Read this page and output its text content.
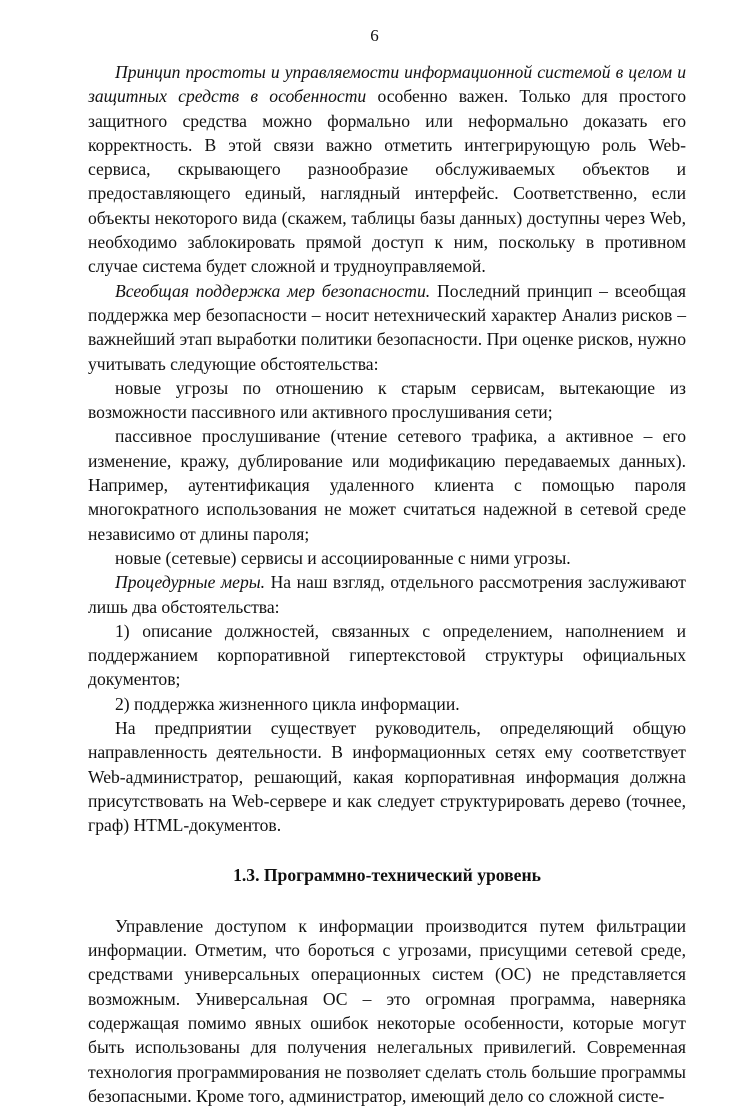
6

Принцип простоты и управляемости информационной системой в целом и защитных средств в особенности особенно важен. Только для простого защитного средства можно формально или неформально доказать его корректность. В этой связи важно отметить интегрирующую роль Web-сервиса, скрывающего разнообразие обслуживаемых объектов и предоставляющего единый, наглядный интерфейс. Соответственно, если объекты некоторого вида (скажем, таблицы базы данных) доступны через Web, необходимо заблокировать прямой доступ к ним, поскольку в противном случае система будет сложной и трудноуправляемой.

Всеобщая поддержка мер безопасности. Последний принцип – всеобщая поддержка мер безопасности – носит нетехнический характер Анализ рисков – важнейший этап выработки политики безопасности. При оценке рисков, нужно учитывать следующие обстоятельства:

новые угрозы по отношению к старым сервисам, вытекающие из возможности пассивного или активного прослушивания сети;

пассивное прослушивание (чтение сетевого трафика, а активное – его изменение, кражу, дублирование или модификацию передаваемых данных). Например, аутентификация удаленного клиента с помощью пароля многократного использования не может считаться надежной в сетевой среде независимо от длины пароля;

новые (сетевые) сервисы и ассоциированные с ними угрозы.

Процедурные меры. На наш взгляд, отдельного рассмотрения заслуживают лишь два обстоятельства:

1) описание должностей, связанных с определением, наполнением и поддержанием корпоративной гипертекстовой структуры официальных документов;

2) поддержка жизненного цикла информации.

На предприятии существует руководитель, определяющий общую направленность деятельности. В информационных сетях ему соответствует Web-администратор, решающий, какая корпоративная информация должна присутствовать на Web-сервере и как следует структурировать дерево (точнее, граф) HTML-документов.

1.3. Программно-технический уровень

Управление доступом к информации производится путем фильтрации информации. Отметим, что бороться с угрозами, присущими сетевой среде, средствами универсальных операционных систем (ОС) не представляется возможным. Универсальная ОС – это огромная программа, наверняка содержащая помимо явных ошибок некоторые особенности, которые могут быть использованы для получения нелегальных привилегий. Современная технология программирования не позволяет сделать столь большие программы безопасными. Кроме того, администратор, имеющий дело со сложной систе-
